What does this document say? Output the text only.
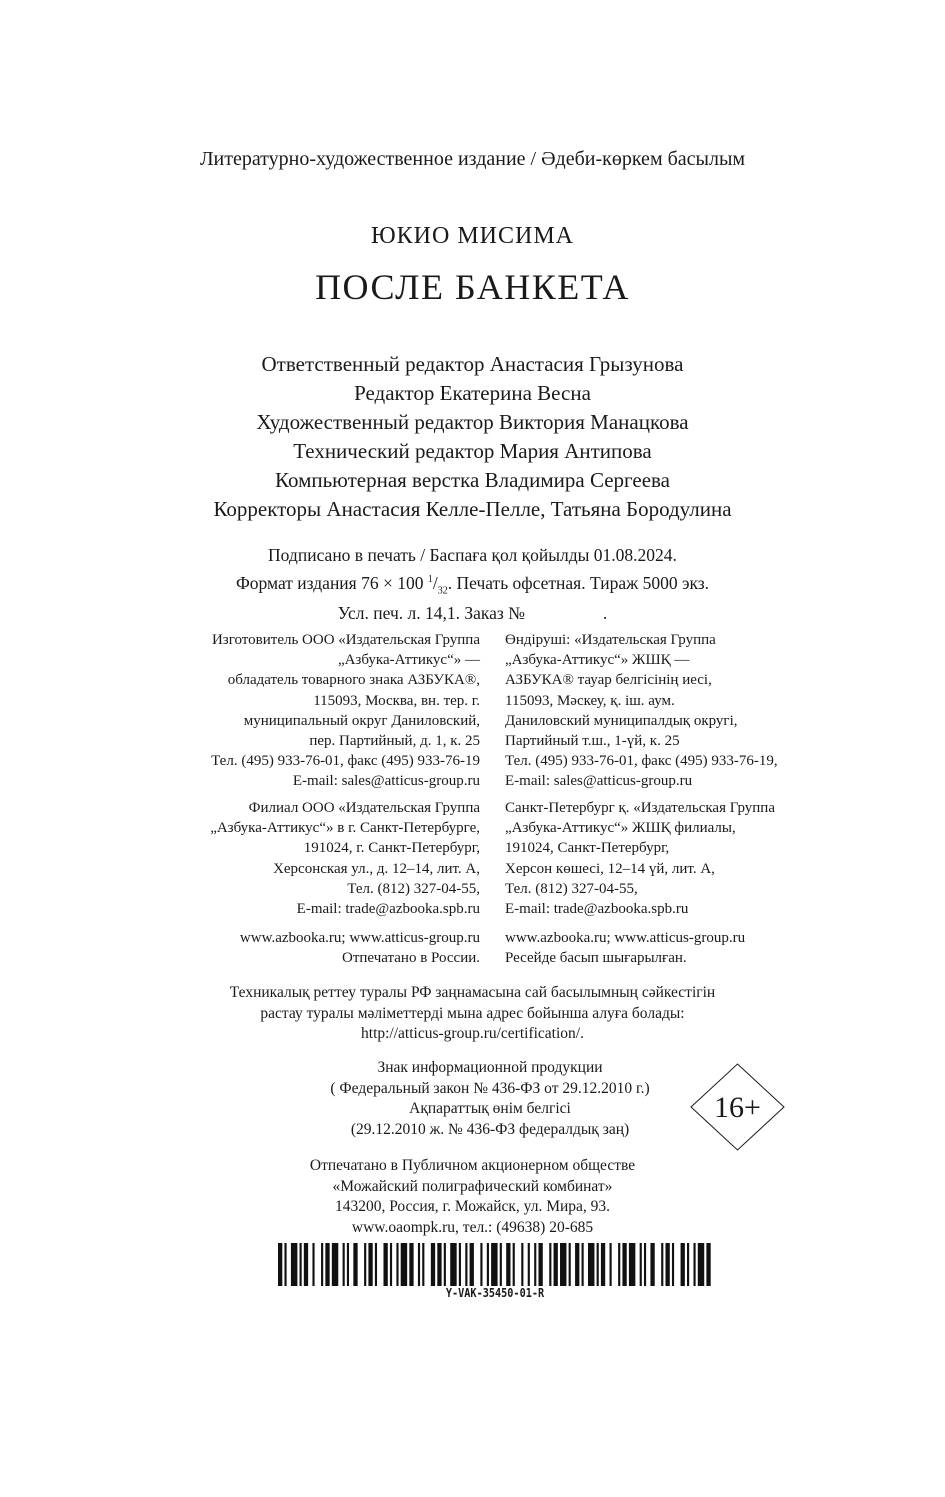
Литературно-художественное издание / Әдеби-көркем басылым
ЮКИО МИСИМА
ПОСЛЕ БАНКЕТА
Ответственный редактор Анастасия Грызунова
Редактор Екатерина Весна
Художественный редактор Виктория Манацкова
Технический редактор Мария Антипова
Компьютерная верстка Владимира Сергеева
Корректоры Анастасия Келле-Пелле, Татьяна Бородулина
Подписано в печать / Баспаға қол қойылды 01.08.2024.
Формат издания 76 × 100 $^1/_{32}$. Печать офсетная. Тираж 5000 экз.
Усл. печ. л. 14,1. Заказ №	.
Изготовитель ООО «Издательская Группа
„Азбука-Аттикус“» —
обладатель товарного знака АЗБУКА®,
115093, Москва, вн. тер. г.
муниципальный округ Даниловский,
пер. Партийный, д. 1, к. 25
Тел. (495) 933-76-01, факс (495) 933-76-19
E-mail: sales@atticus-group.ru
Өндіруші: «Издательская Группа
„Азбука-Аттикус“» ЖШҚ —
АЗБУКА® тауар белгісінің иесі,
115093, Мәскеу, қ. іш. аум.
Даниловский муниципалдық округі,
Партийный т.ш., 1-үй, к. 25
Тел. (495) 933-76-01, факс (495) 933-76-19,
E-mail: sales@atticus-group.ru
Филиал ООО «Издательская Группа
„Азбука-Аттикус“» в г. Санкт-Петербурге,
191024, г. Санкт-Петербург,
Херсонская ул., д. 12–14, лит. А,
Тел. (812) 327-04-55,
E-mail: trade@azbooka.spb.ru
Санкт-Петербург қ. «Издательская Группа
„Азбука-Аттикус“» ЖШҚ филиалы,
191024, Санкт-Петербург,
Херсон көшесі, 12–14 үй, лит. А,
Тел. (812) 327-04-55,
E-mail: trade@azbooka.spb.ru
www.azbooka.ru; www.atticus-group.ru
Отпечатано в России.
www.azbooka.ru; www.atticus-group.ru
Ресейде басып шығарылған.
Техникалық реттеу туралы РФ заңнамасына сай басылымның сәйкестігін
растау туралы мәліметтерді мына адрес бойынша алуға болады:
http://atticus-group.ru/certification/.
Знак информационной продукции
( Федеральный закон № 436-ФЗ от 29.12.2010 г.)
Ақпараттық өнім белгісі
(29.12.2010 ж. № 436-ФЗ федералдық заң)
16+
Отпечатано в Публичном акционерном обществе
«Можайский полиграфический комбинат»
143200, Россия, г. Можайск, ул. Мира, 93.
www.oaompk.ru, тел.: (49638) 20-685
Y-VAK-35450-01-R
